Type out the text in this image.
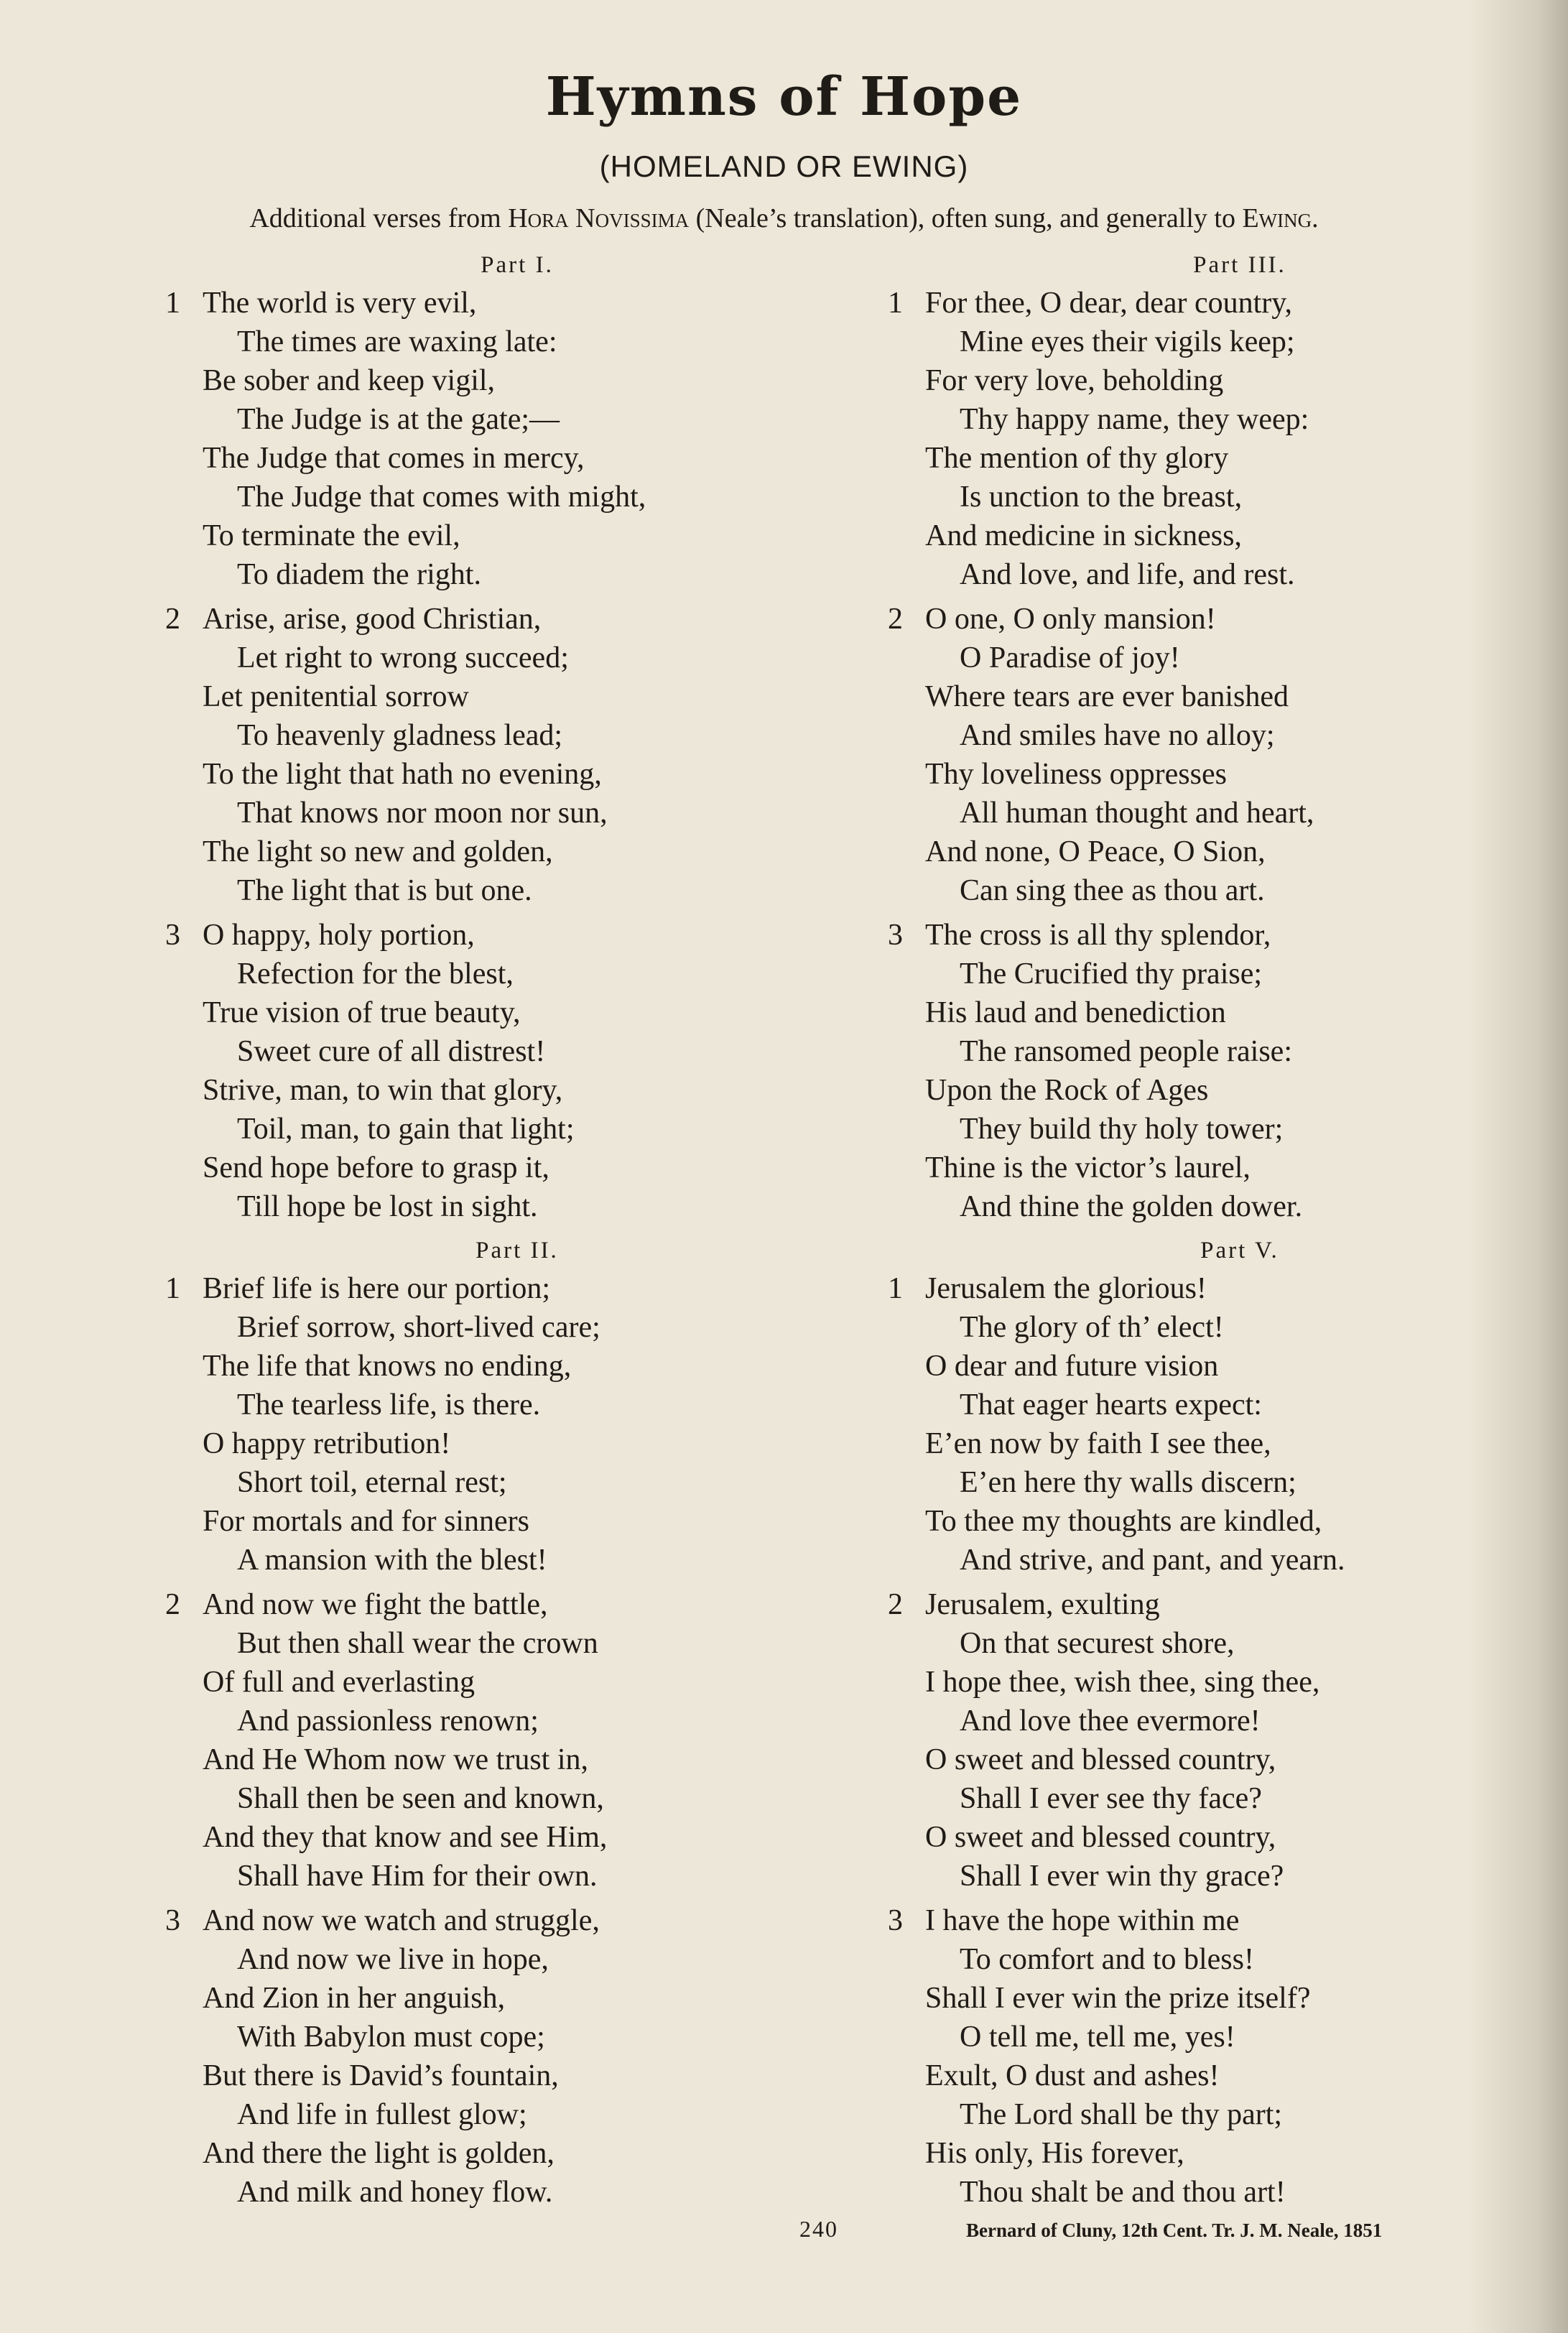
Hymns of Hope
(HOMELAND OR EWING)
Additional verses from Hora Novissima (Neale’s translation), often sung, and generally to Ewing.
Part I.
1 The world is very evil,
The times are waxing late:
Be sober and keep vigil,
The Judge is at the gate;—
The Judge that comes in mercy,
The Judge that comes with might,
To terminate the evil,
To diadem the right.
2 Arise, arise, good Christian,
Let right to wrong succeed;
Let penitential sorrow
To heavenly gladness lead;
To the light that hath no evening,
That knows nor moon nor sun,
The light so new and golden,
The light that is but one.
3 O happy, holy portion,
Refection for the blest,
True vision of true beauty,
Sweet cure of all distrest!
Strive, man, to win that glory,
Toil, man, to gain that light;
Send hope before to grasp it,
Till hope be lost in sight.
Part II.
1 Brief life is here our portion;
Brief sorrow, short-lived care;
The life that knows no ending,
The tearless life, is there.
O happy retribution!
Short toil, eternal rest;
For mortals and for sinners
A mansion with the blest!
2 And now we fight the battle,
But then shall wear the crown
Of full and everlasting
And passionless renown;
And He Whom now we trust in,
Shall then be seen and known,
And they that know and see Him,
Shall have Him for their own.
3 And now we watch and struggle,
And now we live in hope,
And Zion in her anguish,
With Babylon must cope;
But there is David’s fountain,
And life in fullest glow;
And there the light is golden,
And milk and honey flow.
Part III.
1 For thee, O dear, dear country,
Mine eyes their vigils keep;
For very love, beholding
Thy happy name, they weep:
The mention of thy glory
Is unction to the breast,
And medicine in sickness,
And love, and life, and rest.
2 O one, O only mansion!
O Paradise of joy!
Where tears are ever banished
And smiles have no alloy;
Thy loveliness oppresses
All human thought and heart,
And none, O Peace, O Sion,
Can sing thee as thou art.
3 The cross is all thy splendor,
The Crucified thy praise;
His laud and benediction
The ransomed people raise:
Upon the Rock of Ages
They build thy holy tower;
Thine is the victor’s laurel,
And thine the golden dower.
Part V.
1 Jerusalem the glorious!
The glory of th’ elect!
O dear and future vision
That eager hearts expect:
E’en now by faith I see thee,
E’en here thy walls discern;
To thee my thoughts are kindled,
And strive, and pant, and yearn.
2 Jerusalem, exulting
On that securest shore,
I hope thee, wish thee, sing thee,
And love thee evermore!
O sweet and blessed country,
Shall I ever see thy face?
O sweet and blessed country,
Shall I ever win thy grace?
3 I have the hope within me
To comfort and to bless!
Shall I ever win the prize itself?
O tell me, tell me, yes!
Exult, O dust and ashes!
The Lord shall be thy part;
His only, His forever,
Thou shalt be and thou art!
240	Bernard of Cluny, 12th Cent. Tr. J. M. Neale, 1851
